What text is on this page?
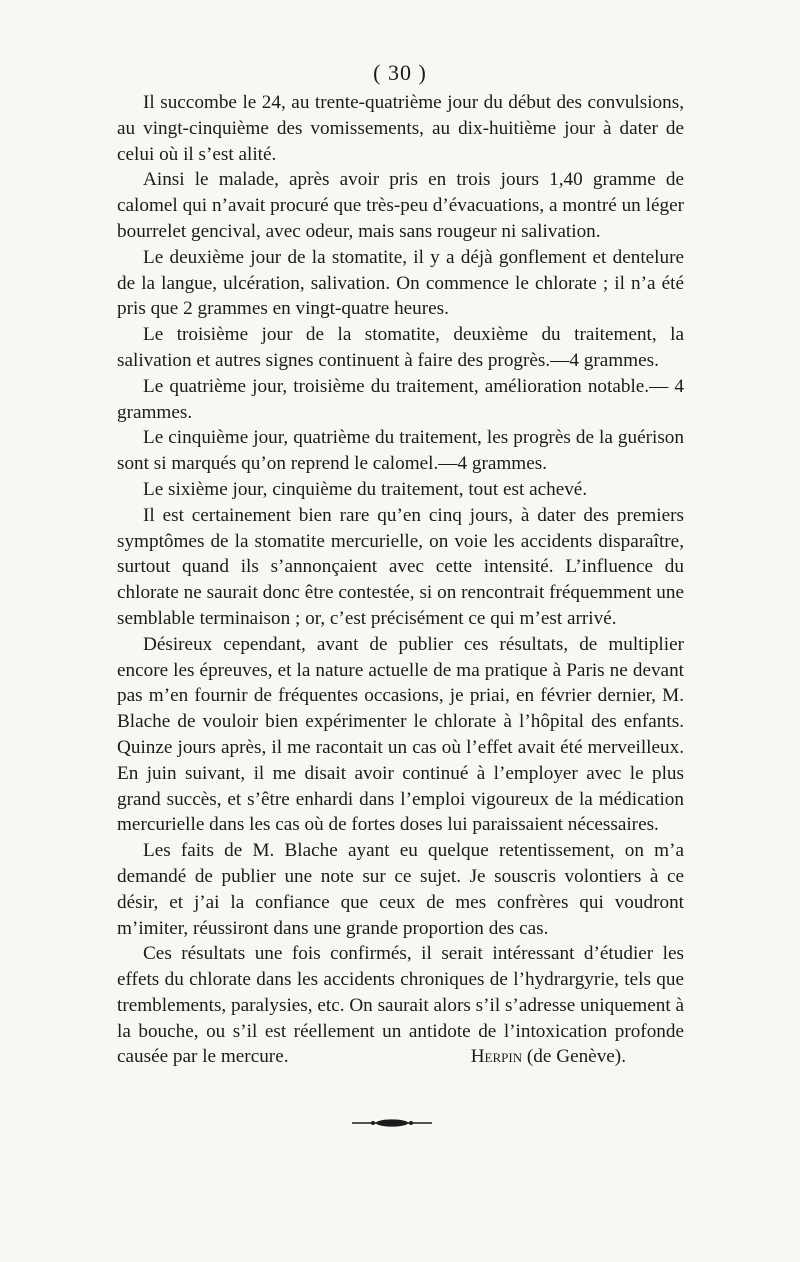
( 30 )

Il succombe le 24, au trente-quatrième jour du début des convulsions, au vingt-cinquième des vomissements, au dix-huitième jour à dater de celui où il s’est alité.

Ainsi le malade, après avoir pris en trois jours 1,40 gramme de calomel qui n’avait procuré que très-peu d’évacuations, a montré un léger bourrelet gencival, avec odeur, mais sans rougeur ni salivation.

Le deuxième jour de la stomatite, il y a déjà gonflement et dentelure de la langue, ulcération, salivation. On commence le chlorate ; il n’a été pris que 2 grammes en vingt-quatre heures.

Le troisième jour de la stomatite, deuxième du traitement, la salivation et autres signes continuent à faire des progrès.—4 grammes.

Le quatrième jour, troisième du traitement, amélioration notable.— 4 grammes.

Le cinquième jour, quatrième du traitement, les progrès de la guérison sont si marqués qu’on reprend le calomel.—4 grammes.

Le sixième jour, cinquième du traitement, tout est achevé.

Il est certainement bien rare qu’en cinq jours, à dater des premiers symptômes de la stomatite mercurielle, on voie les accidents disparaître, surtout quand ils s’annonçaient avec cette intensité. L’influence du chlorate ne saurait donc être contestée, si on rencontrait fréquemment une semblable terminaison ; or, c’est précisément ce qui m’est arrivé.

Désireux cependant, avant de publier ces résultats, de multiplier encore les épreuves, et la nature actuelle de ma pratique à Paris ne devant pas m’en fournir de fréquentes occasions, je priai, en février dernier, M. Blache de vouloir bien expérimenter le chlorate à l’hôpital des enfants. Quinze jours après, il me racontait un cas où l’effet avait été merveilleux. En juin suivant, il me disait avoir continué à l’employer avec le plus grand succès, et s’être enhardi dans l’emploi vigoureux de la médication mercurielle dans les cas où de fortes doses lui paraissaient nécessaires.

Les faits de M. Blache ayant eu quelque retentissement, on m’a demandé de publier une note sur ce sujet. Je souscris volontiers à ce désir, et j’ai la confiance que ceux de mes confrères qui voudront m’imiter, réussiront dans une grande proportion des cas.

Ces résultats une fois confirmés, il serait intéressant d’étudier les effets du chlorate dans les accidents chroniques de l’hydrargyrie, tels que tremblements, paralysies, etc. On saurait alors s’il s’adresse uniquement à la bouche, ou s’il est réellement un antidote de l’intoxication profonde causée par le mercure.	Herpin (de Genève).
